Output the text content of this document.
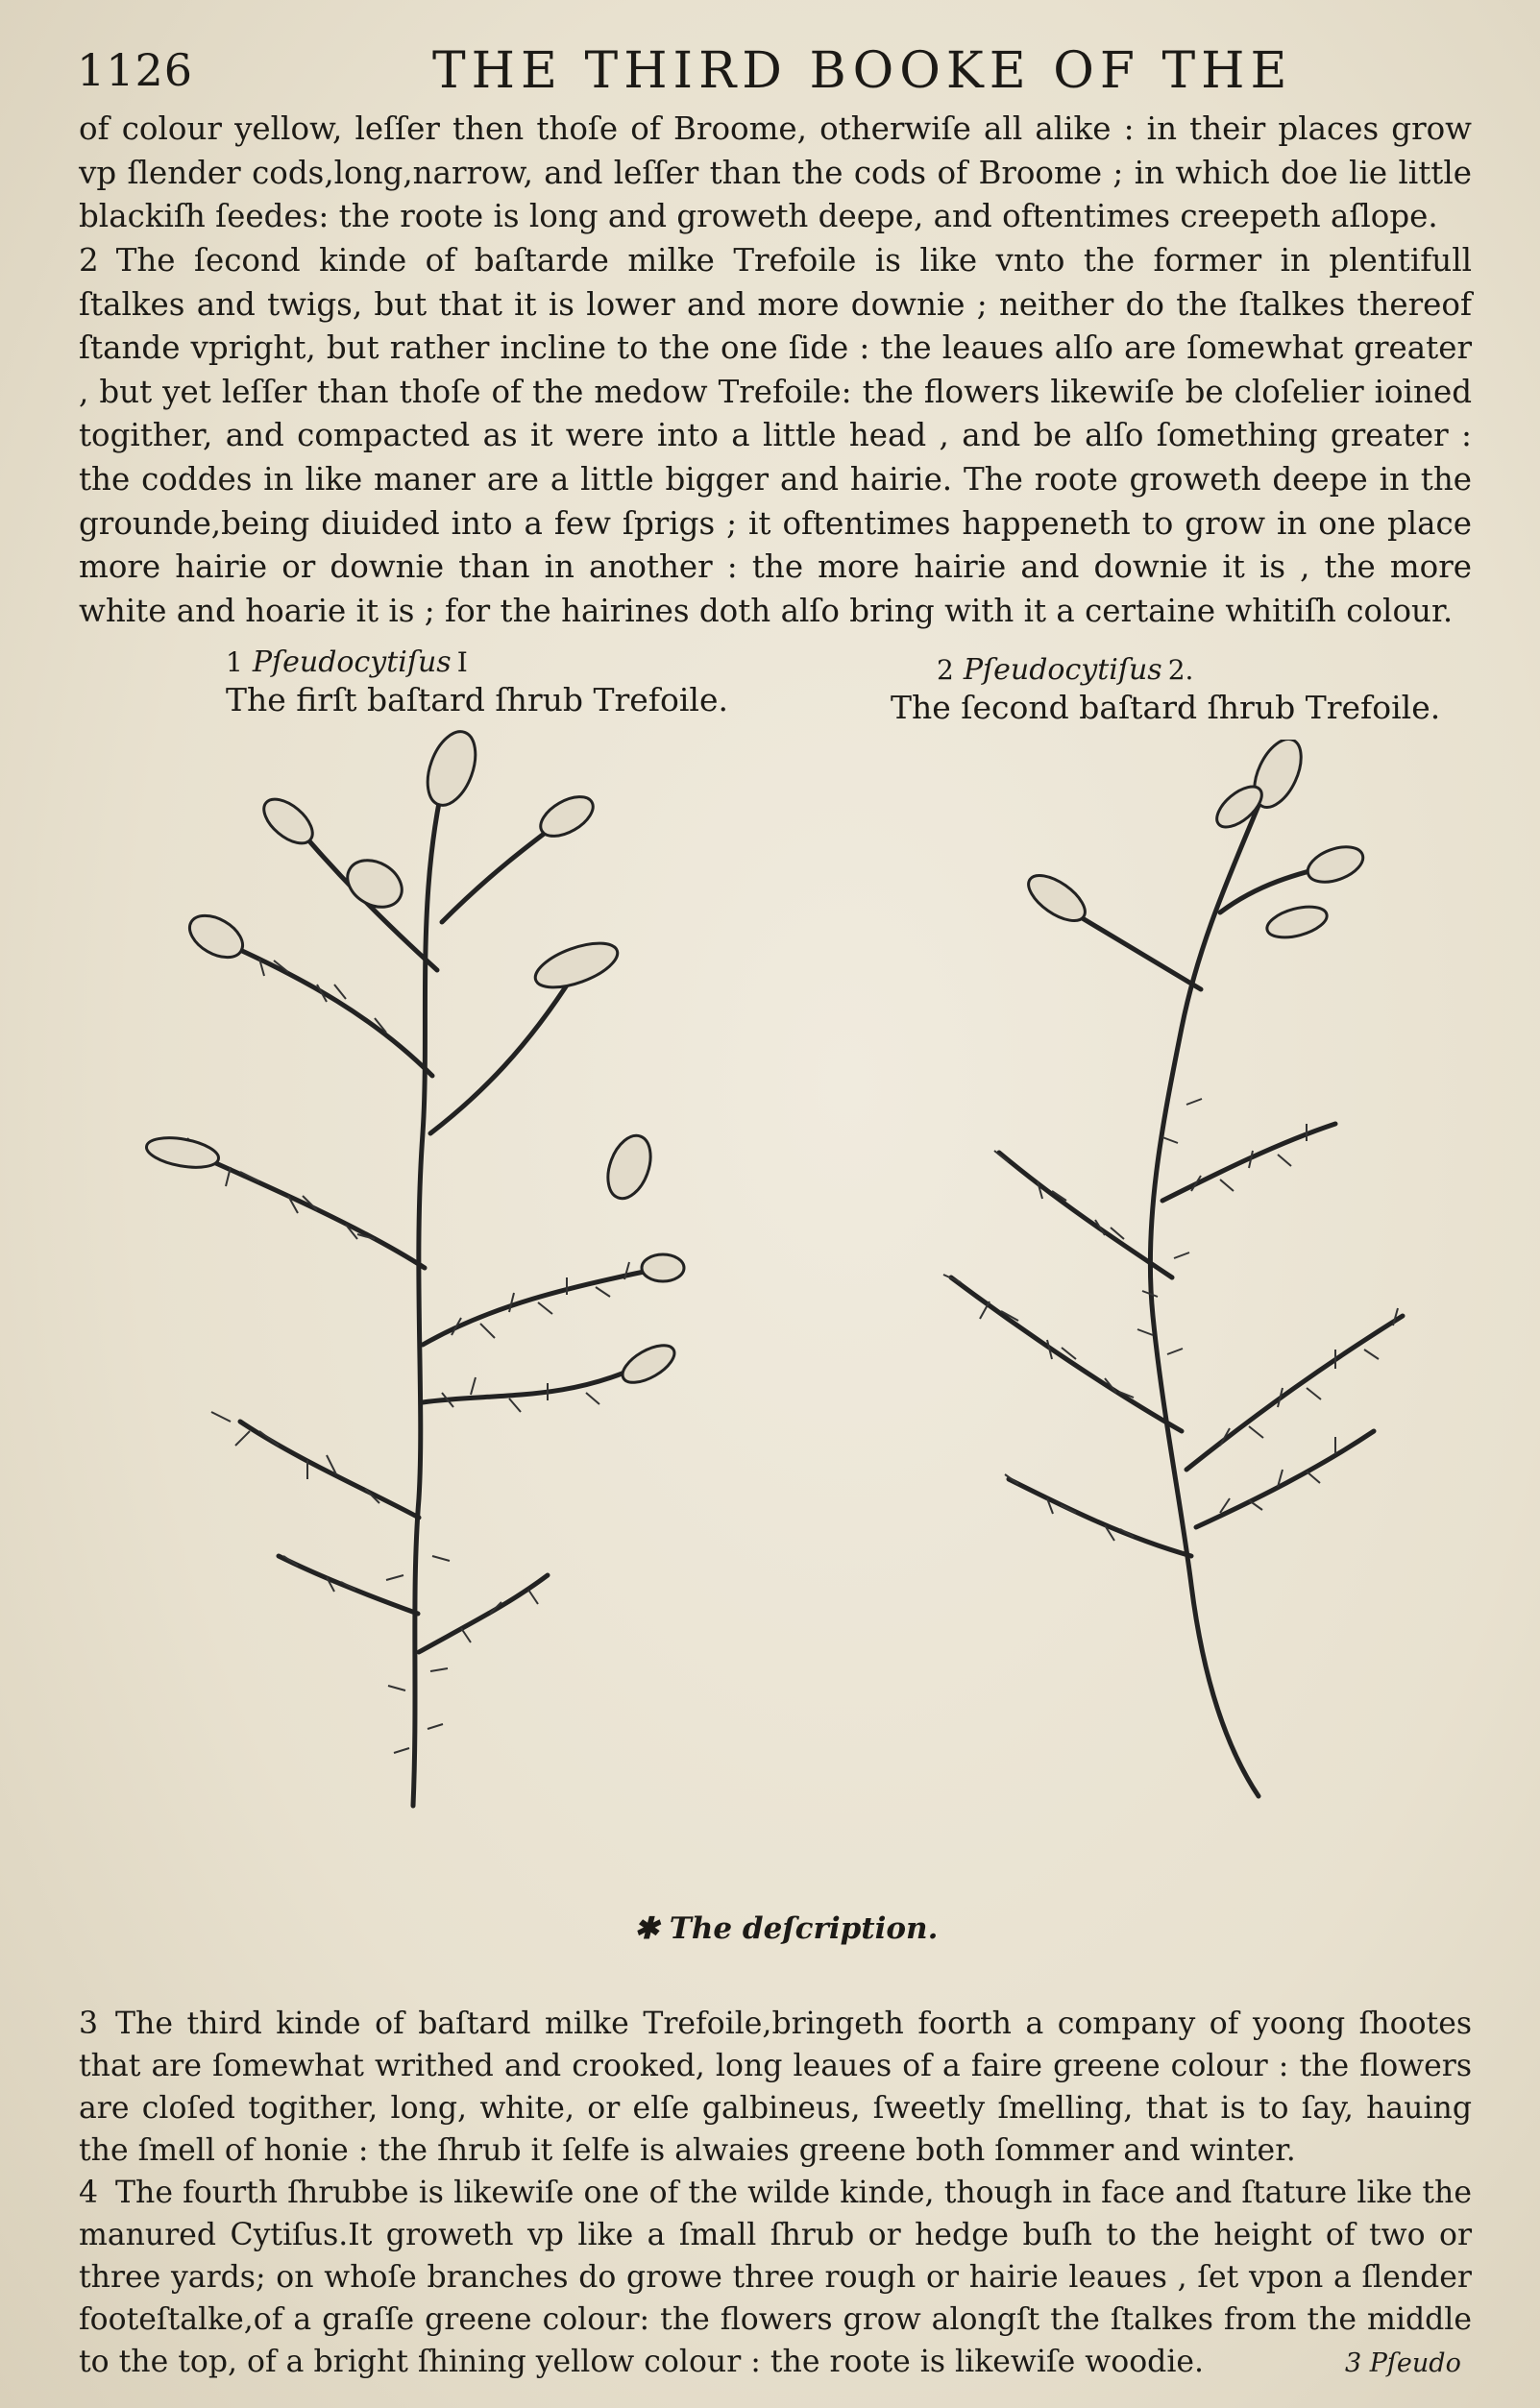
1126	THE THIRD BOOKE OF THE

of colour yellow, leſſer then thoſe of Broome, otherwiſe all alike : in their places grow vp ſlender cods,long,narrow, and leſſer than the cods of Broome ; in which doe lie little blackiſh ſeedes: the roote is long and groweth deepe, and oftentimes creepeth aſlope.

2 The ſecond kinde of baſtarde milke Trefoile is like vnto the former in plentifull ſtalkes and twigs, but that it is lower and more downie ; neither do the ſtalkes thereof ſtande vpright, but rather incline to the one ſide : the leaues alſo are ſomewhat greater , but yet leſſer than thoſe of the medow Trefoile: the flowers likewiſe be cloſelier ioined togither, and compacted as it were into a little head , and be alſo ſomething greater : the coddes in like maner are a little bigger and hairie. The roote groweth deepe in the grounde,being diuided into a few ſprigs ; it oftentimes happeneth to grow in one place more hairie or downie than in another : the more hairie and downie it is , the more white and hoarie it is ; for the hairines doth alſo bring with it a certaine whitiſh colour.

1 Pſeudocytiſus I
The firſt baſtard ſhrub Trefoile.
2 Pſeudocytiſus 2.
The ſecond baſtard ſhrub Trefoile.
✱ The deſcription.

3 The third kinde of baſtard milke Trefoile,bringeth foorth a company of yoong ſhootes that are ſomewhat writhed and crooked, long leaues of a faire greene colour : the flowers are cloſed togither, long, white, or elſe galbineus, ſweetly ſmelling, that is to ſay, hauing the ſmell of honie : the ſhrub it ſelfe is alwaies greene both ſommer and winter.

4 The fourth ſhrubbe is likewiſe one of the wilde kinde, though in face and ſtature like the manured Cytiſus.It groweth vp like a ſmall ſhrub or hedge buſh to the height of two or three yards; on whoſe branches do growe three rough or hairie leaues , ſet vpon a ſlender footeſtalke,of a graſſe greene colour: the flowers grow alongſt the ſtalkes from the middle to the top, of a bright ſhining yellow colour : the roote is likewiſe woodie.	3 Pſeudo
